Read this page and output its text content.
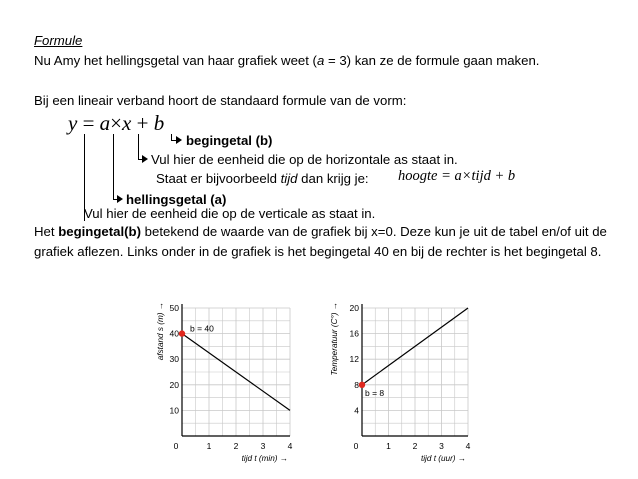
Formule
Nu Amy het hellingsgetal van haar grafiek weet (a = 3) kan ze de formule gaan maken.
Bij een lineair verband hoort de standaard formule van de vorm:
y = a×x + b
begingetal (b)
Vul hier de eenheid die op de horizontale as staat in.
Staat er bijvoorbeeld tijd dan krijg je: hoogte = a×tijd + b
hellingsgetal (a)
Vul hier de eenheid die op de verticale as staat in.
Het begingetal(b) betekend de waarde van de grafiek bij x=0. Deze kun je uit de tabel en/of uit de grafiek aflezen. Links onder in de grafiek is het begingetal 40 en bij de rechter is het begingetal 8.
0	1	2	3	4
10
20
30
40
50
tijd t (min) →
afstand s (m) →	b = 40
0	1	2	3	4
4
8
12
16
20
tijd t (uur) →
Temperatuur (C°) →
b = 8
